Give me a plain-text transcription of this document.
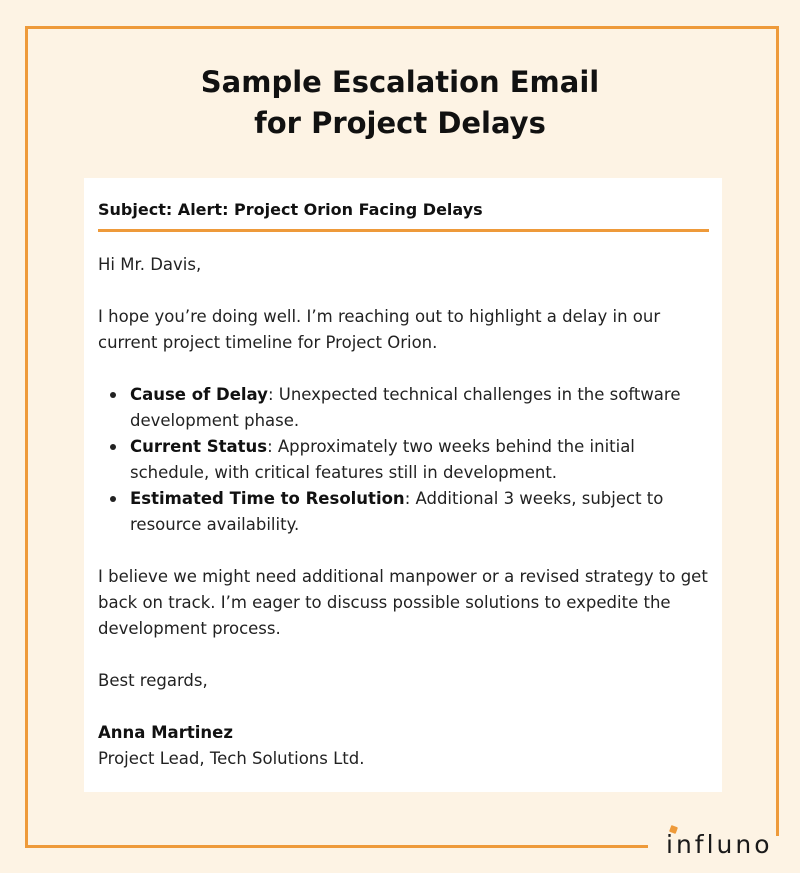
Sample Escalation Email
for Project Delays
Subject: Alert: Project Orion Facing Delays

Hi Mr. Davis,

I hope you’re doing well. I’m reaching out to highlight a delay in our current project timeline for Project Orion.

Cause of Delay: Unexpected technical challenges in the software development phase.
Current Status: Approximately two weeks behind the initial schedule, with critical features still in development.
Estimated Time to Resolution: Additional 3 weeks, subject to resource availability.

I believe we might need additional manpower or a revised strategy to get back on track. I’m eager to discuss possible solutions to expedite the development process.

Best regards,

Anna Martinez

Project Lead, Tech Solutions Ltd.

influno
